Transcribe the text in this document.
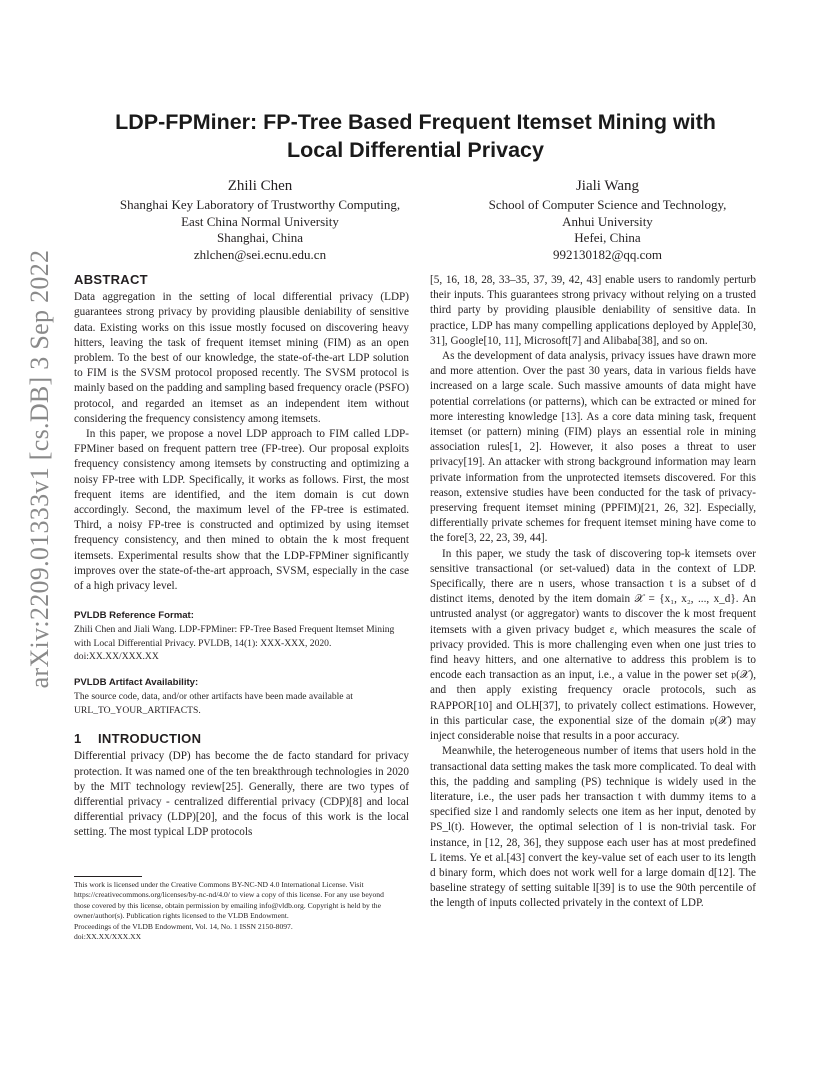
arXiv:2209.01333v1 [cs.DB] 3 Sep 2022
LDP-FPMiner: FP-Tree Based Frequent Itemset Mining with
Local Differential Privacy
Zhili Chen
Shanghai Key Laboratory of Trustworthy Computing,
East China Normal University
Shanghai, China
zhlchen@sei.ecnu.edu.cn
Jiali Wang
School of Computer Science and Technology,
Anhui University
Hefei, China
992130182@qq.com
ABSTRACT

Data aggregation in the setting of local differential privacy (LDP) guarantees strong privacy by providing plausible deniability of sensitive data. Existing works on this issue mostly focused on discovering heavy hitters, leaving the task of frequent itemset mining (FIM) as an open problem. To the best of our knowledge, the state-of-the-art LDP solution to FIM is the SVSM protocol proposed recently. The SVSM protocol is mainly based on the padding and sampling based frequency oracle (PSFO) protocol, and regarded an itemset as an independent item without considering the frequency consistency among itemsets.

In this paper, we propose a novel LDP approach to FIM called LDP-FPMiner based on frequent pattern tree (FP-tree). Our proposal exploits frequency consistency among itemsets by constructing and optimizing a noisy FP-tree with LDP. Specifically, it works as follows. First, the most frequent items are identified, and the item domain is cut down accordingly. Second, the maximum level of the FP-tree is estimated. Third, a noisy FP-tree is constructed and optimized by using itemset frequency consistency, and then mined to obtain the k most frequent itemsets. Experimental results show that the LDP-FPMiner significantly improves over the state-of-the-art approach, SVSM, especially in the case of a high privacy level.

PVLDB Reference Format:
Zhili Chen and Jiali Wang. LDP-FPMiner: FP-Tree Based Frequent Itemset Mining with Local Differential Privacy. PVLDB, 14(1): XXX-XXX, 2020.
doi:XX.XX/XXX.XX
PVLDB Artifact Availability:
The source code, data, and/or other artifacts have been made available at
URL_TO_YOUR_ARTIFACTS.
1 INTRODUCTION

Differential privacy (DP) has become the de facto standard for privacy protection. It was named one of the ten breakthrough technologies in 2020 by the MIT technology review[25]. Generally, there are two types of differential privacy - centralized differential privacy (CDP)[8] and local differential privacy (LDP)[20], and the focus of this work is the local setting. The most typical LDP protocols

This work is licensed under the Creative Commons BY-NC-ND 4.0 International License. Visit https://creativecommons.org/licenses/by-nc-nd/4.0/ to view a copy of this license. For any use beyond those covered by this license, obtain permission by emailing info@vldb.org. Copyright is held by the owner/author(s). Publication rights licensed to the VLDB Endowment.
Proceedings of the VLDB Endowment, Vol. 14, No. 1 ISSN 2150-8097.
doi:XX.XX/XXX.XX

[5, 16, 18, 28, 33–35, 37, 39, 42, 43] enable users to randomly perturb their inputs. This guarantees strong privacy without relying on a trusted third party by providing plausible deniability of sensitive data. In practice, LDP has many compelling applications deployed by Apple[30, 31], Google[10, 11], Microsoft[7] and Alibaba[38], and so on.

As the development of data analysis, privacy issues have drawn more and more attention. Over the past 30 years, data in various fields have increased on a large scale. Such massive amounts of data might have potential correlations (or patterns), which can be extracted or mined for more interesting knowledge [13]. As a core data mining task, frequent itemset (or pattern) mining (FIM) plays an essential role in mining association rules[1, 2]. However, it also poses a threat to user privacy[19]. An attacker with strong background information may learn private information from the unprotected itemsets discovered. For this reason, extensive studies have been conducted for the task of privacy-preserving frequent itemset mining (PPFIM)[21, 26, 32]. Especially, differentially private schemes for frequent itemset mining have come to the fore[3, 22, 23, 39, 44].

In this paper, we study the task of discovering top-k itemsets over sensitive transactional (or set-valued) data in the context of LDP. Specifically, there are n users, whose transaction t is a subset of d distinct items, denoted by the item domain 𝒳 = {x₁, x₂, ..., x_d}. An untrusted analyst (or aggregator) wants to discover the k most frequent itemsets with a given privacy budget ε, which measures the scale of privacy provided. This is more challenging even when one just tries to find heavy hitters, and one alternative to address this problem is to encode each transaction as an input, i.e., a value in the power set 𝔭(𝒳), and then apply existing frequency oracle protocols, such as RAPPOR[10] and OLH[37], to privately collect estimations. However, in this particular case, the exponential size of the domain 𝔭(𝒳) may inject considerable noise that results in a poor accuracy.

Meanwhile, the heterogeneous number of items that users hold in the transactional data setting makes the task more complicated. To deal with this, the padding and sampling (PS) technique is widely used in the literature, i.e., the user pads her transaction t with dummy items to a specified size l and randomly selects one item as her input, denoted by PS_l(t). However, the optimal selection of l is non-trivial task. For instance, in [12, 28, 36], they suppose each user has at most predefined L items. Ye et al.[43] convert the key-value set of each user to its length d binary form, which does not work well for a large domain d[12]. The baseline strategy of setting suitable l[39] is to use the 90th percentile of the length of inputs collected privately in the context of LDP.
